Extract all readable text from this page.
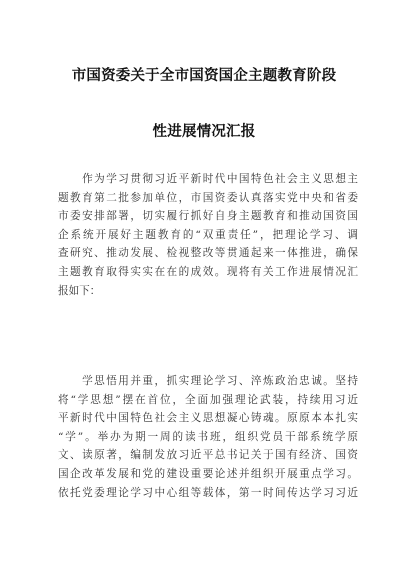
市国资委关于全市国资国企主题教育阶段
性进展情况汇报
　　作为学习贯彻习近平新时代中国特色社会主义思想主
题教育第二批参加单位，市国资委认真落实党中央和省委
市委安排部署，切实履行抓好自身主题教育和推动国资国
企系统开展好主题教育的“双重责任”，把理论学习、调
查研究、推动发展、检视整改等贯通起来一体推进，确保
主题教育取得实实在在的成效。现将有关工作进展情况汇
报如下：
　　学思悟用并重，抓实理论学习、淬炼政治忠诚。坚持
将“学思想”摆在首位，全面加强理论武装，持续用习近
平新时代中国特色社会主义思想凝心铸魂。原原本本扎实
“学”。举办为期一周的读书班，组织党员干部系统学原
文、读原著，编制发放习近平总书记关于国有经济、国资
国企改革发展和党的建设重要论述并组织开展重点学习。
依托党委理论学习中心组等载体，第一时间传达学习习近
